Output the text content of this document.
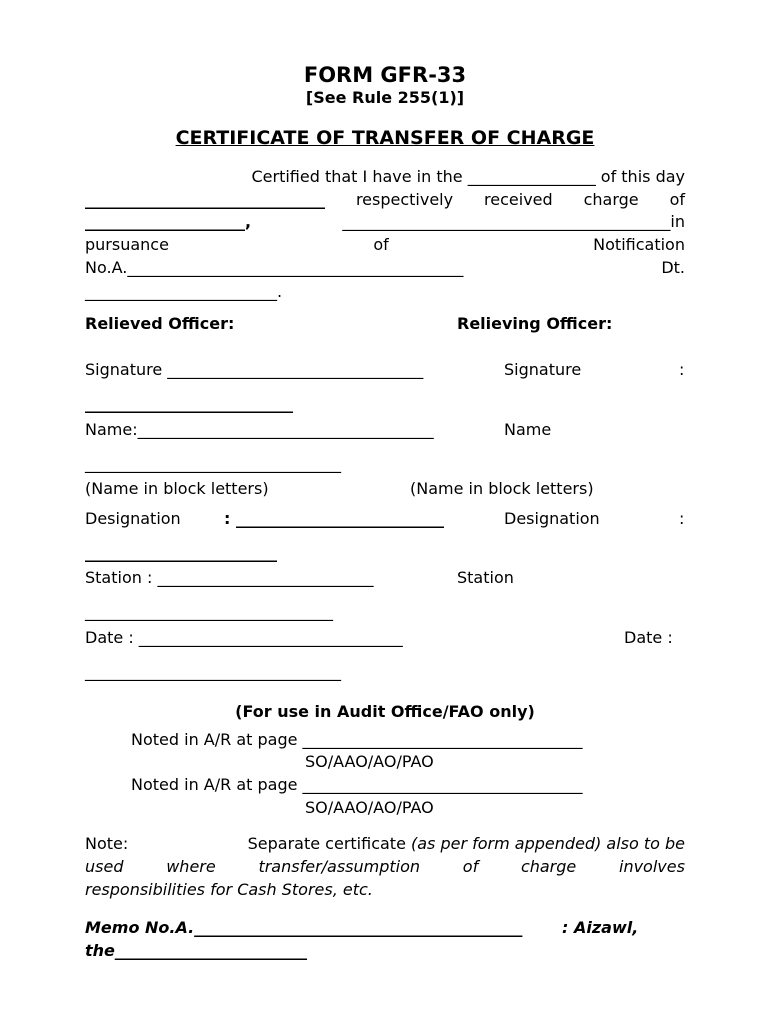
FORM GFR-33
[See Rule 255(1)]
CERTIFICATE OF TRANSFER OF CHARGE
Certified that I have in the ________________ of this day
______________________________ respectively received charge of
____________________,	_________________________________________in
pursuance	of	Notification
No.A.__________________________________________	Dt.
________________________.
Relieved Officer:	Relieving Officer:
Signature ________________________________	Signature	:
__________________________
Name:_____________________________________	Name
________________________________
(Name in block letters)	(Name in block letters)
Designation	: __________________________	Designation	:
________________________
Station : ___________________________	Station
_______________________________
Date : _________________________________	Date :
________________________________
(For use in Audit Office/FAO only)
Noted in A/R at page ___________________________________
SO/AAO/AO/PAO
Noted in A/R at page ___________________________________
SO/AAO/AO/PAO
Note:	Separate certificate (as per form appended) also to be
used	where	transfer/assumption	of	charge	involves
responsibilities for Cash Stores, etc.
Memo No.A._________________________________________ : Aizawl,
the________________________
